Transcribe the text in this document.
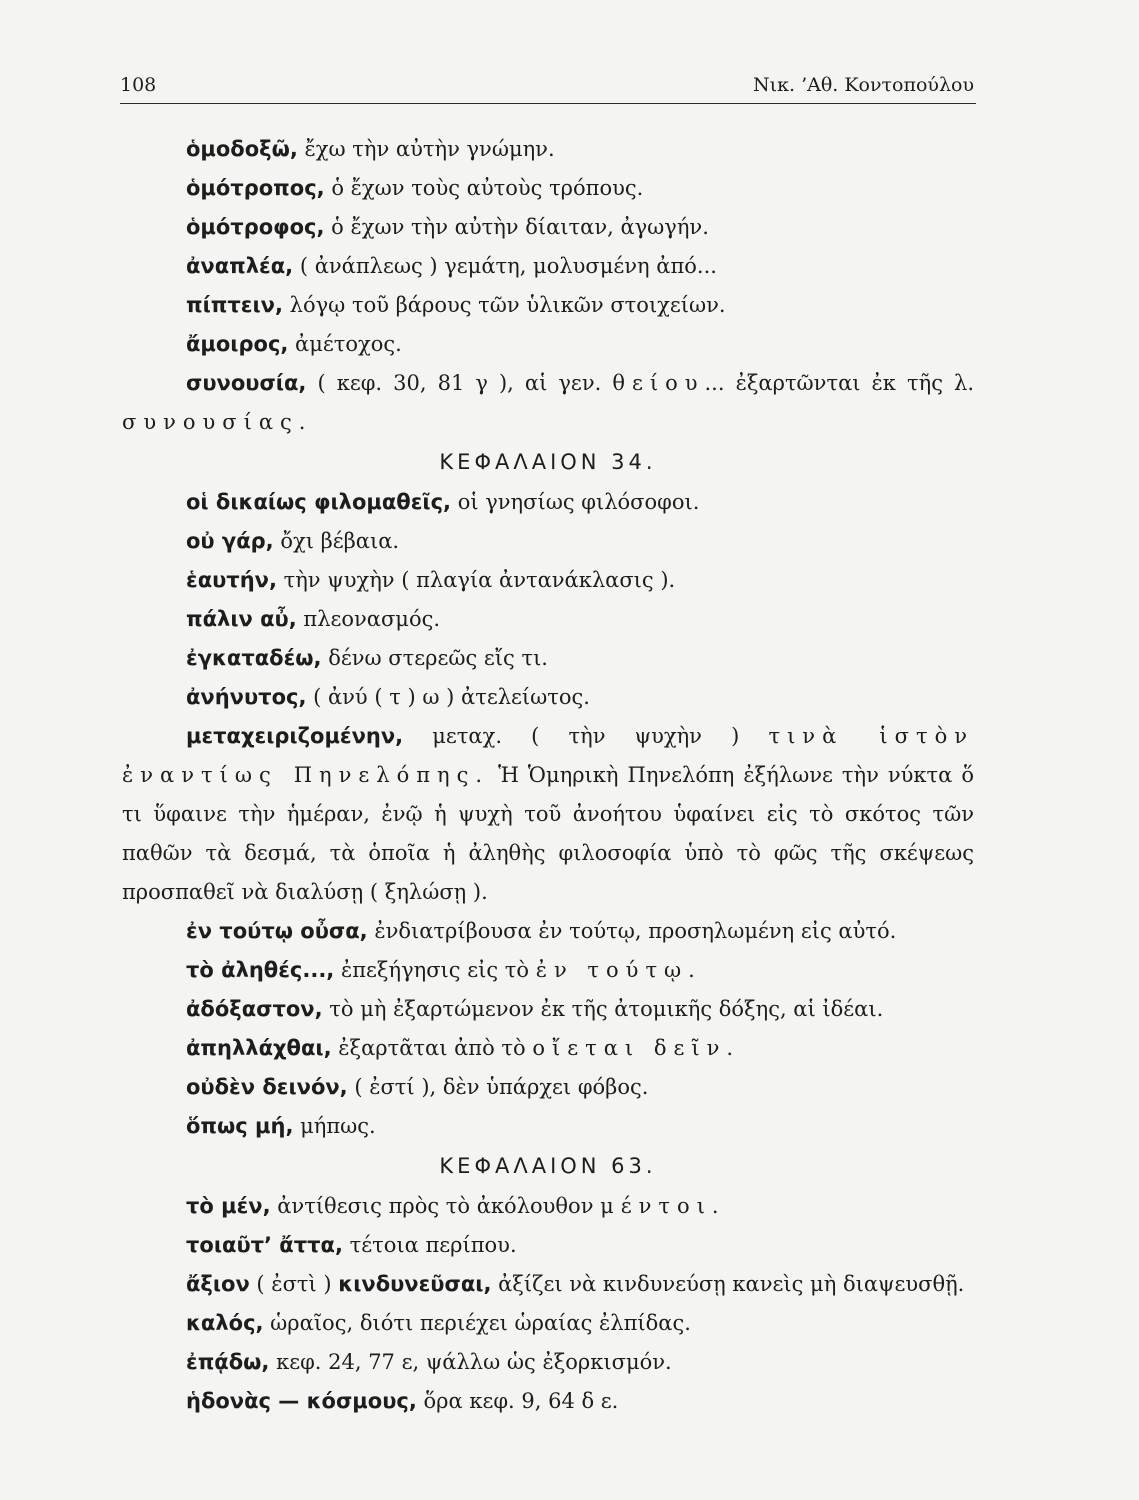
108	Νικ. ’Αθ. Κοντοπούλου
ὁμοδοξῶ, ἔχω τὴν αὐτὴν γνώμην.
ὁμότροπος, ὁ ἔχων τοὺς αὐτοὺς τρόπους.
ὁμότροφος, ὁ ἔχων τὴν αὐτὴν δίαιταν, ἀγωγήν.
ἀναπλέα, ( ἀνάπλεως ) γεμάτη, μολυσμένη ἀπό...
πίπτειν, λόγῳ τοῦ βάρους τῶν ὑλικῶν στοιχείων.
ἄμοιρος, ἀμέτοχος.
συνουσία, ( κεφ. 30, 81 γ ), αἱ γεν. θείου... ἐξαρτῶνται ἐκ τῆς λ. συνουσίας.
ΚΕΦΑΛΑΙΟΝ 34.
οἱ δικαίως φιλομαθεῖς, οἱ γνησίως φιλόσοφοι.
οὐ γάρ, ὄχι βέβαια.
ἑαυτήν, τὴν ψυχὴν ( πλαγία ἀντανάκλασις ).
πάλιν αὖ, πλεονασμός.
ἐγκαταδέω, δένω στερεῶς εἴς τι.
ἀνήνυτος, ( ἀνύ ( τ ) ω ) ἀτελείωτος.
μεταχειριζομένην, μεταχ. ( τὴν ψυχὴν ) τινὰ ἱστὸν ἐναντίως Πηνελόπης. Ἡ Ὁμηρικὴ Πηνελόπη ἐξήλωνε τὴν νύκτα ὅ τι ὕφαινε τὴν ἡμέραν, ἐνῷ ἡ ψυχὴ τοῦ ἀνοήτου ὑφαίνει εἰς τὸ σκότος τῶν παθῶν τὰ δεσμά, τὰ ὁποῖα ἡ ἀληθὴς φιλοσοφία ὑπὸ τὸ φῶς τῆς σκέψεως προσπαθεῖ νὰ διαλύσῃ ( ξηλώσῃ ).
ἐν τούτῳ οὖσα, ἐνδιατρίβουσα ἐν τούτῳ, προσηλωμένη εἰς αὐτό.
τὸ ἀληθές..., ἐπεξήγησις εἰς τὸ ἐν τούτῳ.
ἀδόξαστον, τὸ μὴ ἐξαρτώμενον ἐκ τῆς ἀτομικῆς δόξης, αἱ ἰδέαι.
ἀπηλλάχθαι, ἐξαρτᾶται ἀπὸ τὸ οἴεται δεῖν.
οὐδὲν δεινόν, ( ἐστί ), δὲν ὑπάρχει φόβος.
ὅπως μή, μήπως.
ΚΕΦΑΛΑΙΟΝ 63.
τὸ μέν, ἀντίθεσις πρὸς τὸ ἀκόλουθον μέντοι.
τοιαῦτ’ ἄττα, τέτοια περίπου.
ἄξιον ( ἐστὶ ) κινδυνεῦσαι, ἀξίζει νὰ κινδυνεύσῃ κανεὶς μὴ διαψευσθῇ.
καλός, ὡραῖος, διότι περιέχει ὡραίας ἐλπίδας.
ἐπᾴδω, κεφ. 24, 77 ε, ψάλλω ὡς ἐξορκισμόν.
ἡδονὰς — κόσμους, ὅρα κεφ. 9, 64 δ ε.
